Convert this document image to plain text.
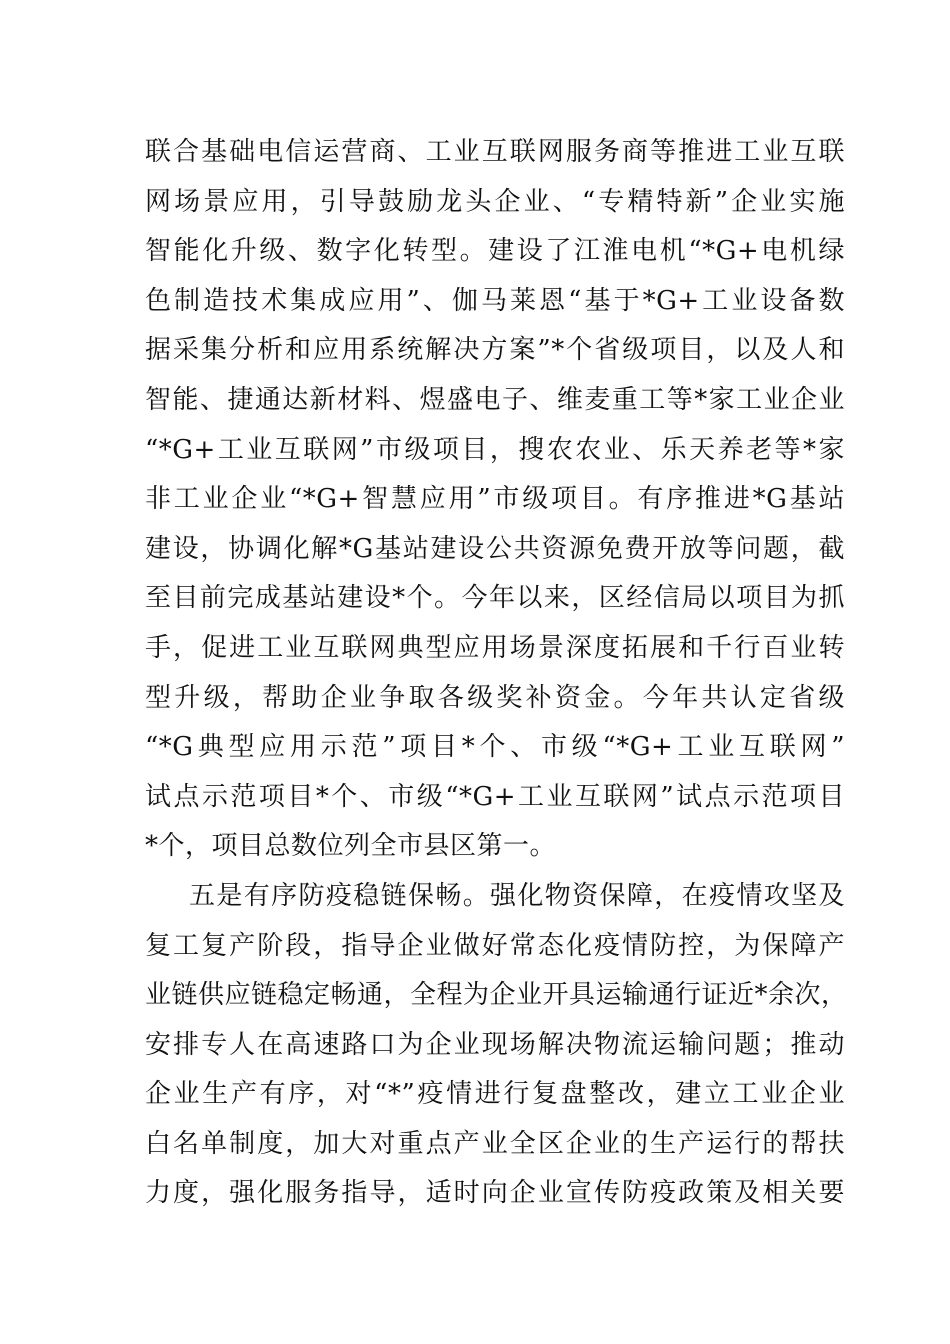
联合基础电信运营商、工业互联网服务商等推进工业互联
网场景应用，引导鼓励龙头企业、“专精特新”企业实施
智能化升级、数字化转型。建设了江淮电机“*G+电机绿
色制造技术集成应用”、伽马莱恩“基于*G+工业设备数
据采集分析和应用系统解决方案”*个省级项目，以及人和
智能、捷通达新材料、煜盛电子、维麦重工等*家工业企业
“*G+工业互联网”市级项目，搜农农业、乐天养老等*家
非工业企业“*G+智慧应用”市级项目。有序推进*G基站
建设，协调化解*G基站建设公共资源免费开放等问题，截
至目前完成基站建设*个。今年以来，区经信局以项目为抓
手，促进工业互联网典型应用场景深度拓展和千行百业转
型升级，帮助企业争取各级奖补资金。今年共认定省级
“*G典型应用示范”项目*个、市级“*G+工业互联网”
试点示范项目*个、市级“*G+工业互联网”试点示范项目
*个，项目总数位列全市县区第一。
五是有序防疫稳链保畅。强化物资保障，在疫情攻坚及
复工复产阶段，指导企业做好常态化疫情防控，为保障产
业链供应链稳定畅通，全程为企业开具运输通行证近*余次，
安排专人在高速路口为企业现场解决物流运输问题；推动
企业生产有序，对“*”疫情进行复盘整改，建立工业企业
白名单制度，加大对重点产业全区企业的生产运行的帮扶
力度，强化服务指导，适时向企业宣传防疫政策及相关要
